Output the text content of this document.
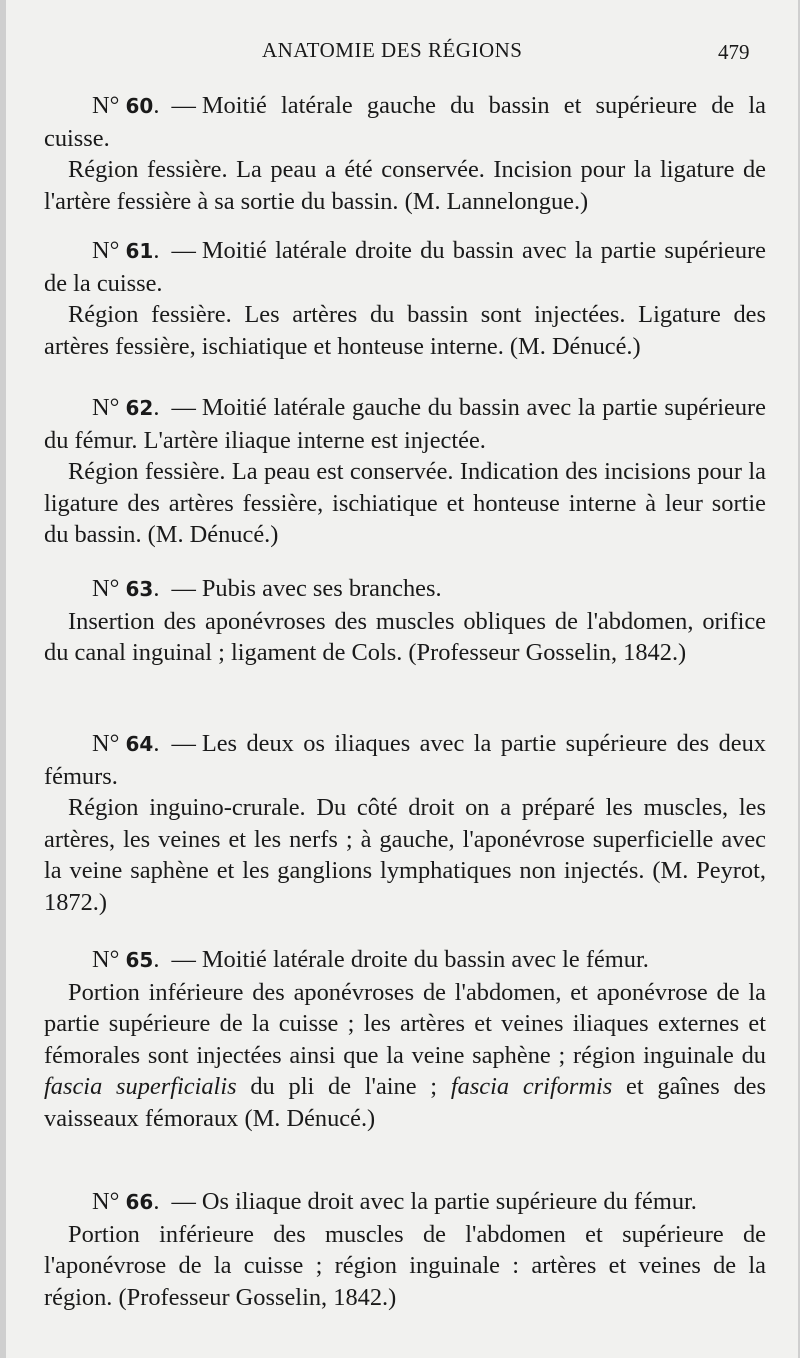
ANATOMIE DES RÉGIONS	479

N° 60. — Moitié latérale gauche du bassin et supérieure de la cuisse.

Région fessière. La peau a été conservée. Incision pour la ligature de l'artère fessière à sa sortie du bassin. (M. Lannelongue.)

N° 61. — Moitié latérale droite du bassin avec la partie supérieure de la cuisse.

Région fessière. Les artères du bassin sont injectées. Ligature des artères fessière, ischiatique et honteuse interne. (M. Dénucé.)

N° 62. — Moitié latérale gauche du bassin avec la partie supérieure du fémur. L'artère iliaque interne est injectée.

Région fessière. La peau est conservée. Indication des incisions pour la ligature des artères fessière, ischiatique et honteuse interne à leur sortie du bassin. (M. Dénucé.)

N° 63. — Pubis avec ses branches.

Insertion des aponévroses des muscles obliques de l'abdomen, orifice du canal inguinal ; ligament de Cols. (Professeur Gosselin, 1842.)

N° 64. — Les deux os iliaques avec la partie supérieure des deux fémurs.

Région inguino-crurale. Du côté droit on a préparé les muscles, les artères, les veines et les nerfs ; à gauche, l'aponévrose superficielle avec la veine saphène et les ganglions lymphatiques non injectés. (M. Peyrot, 1872.)

N° 65. — Moitié latérale droite du bassin avec le fémur.

Portion inférieure des aponévroses de l'abdomen, et aponévrose de la partie supérieure de la cuisse ; les artères et veines iliaques externes et fémorales sont injectées ainsi que la veine saphène ; région inguinale du fascia superficialis du pli de l'aine ; fascia criformis et gaînes des vaisseaux fémoraux (M. Dénucé.)

N° 66. — Os iliaque droit avec la partie supérieure du fémur.

Portion inférieure des muscles de l'abdomen et supérieure de l'aponévrose de la cuisse ; région inguinale : artères et veines de la région. (Professeur Gosselin, 1842.)
